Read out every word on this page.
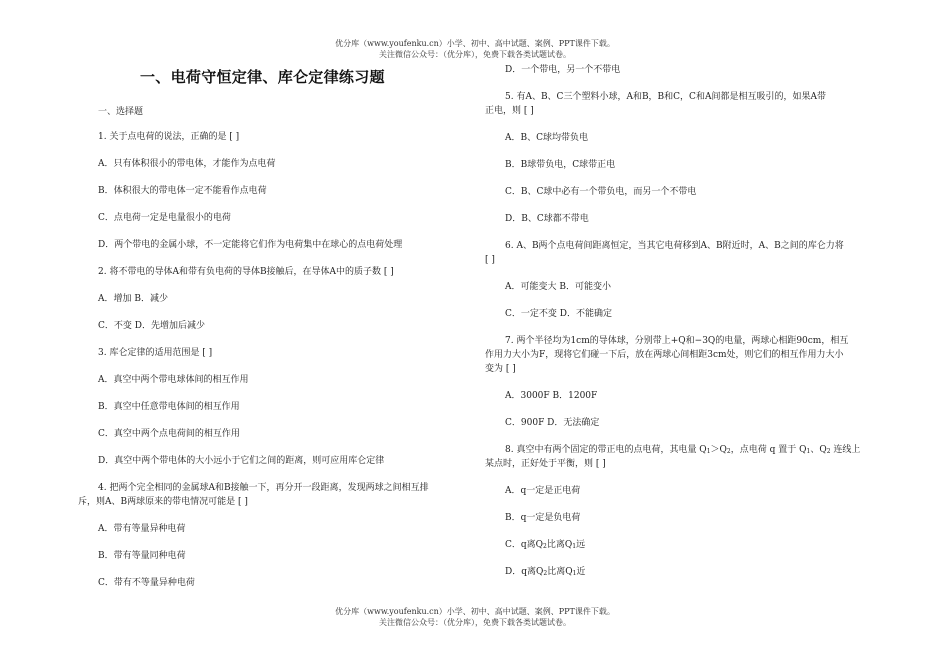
优分库（www.youfenku.cn）小学、初中、高中试题、案例、PPT课件下载。
关注微信公众号：（优分库），免费下载各类试题试卷。
一、电荷守恒定律、库仑定律练习题

一、选择题

1. 关于点电荷的说法，正确的是 [ ]

A．只有体积很小的带电体，才能作为点电荷

B．体积很大的带电体一定不能看作点电荷

C．点电荷一定是电量很小的电荷

D．两个带电的金属小球，不一定能将它们作为电荷集中在球心的点电荷处理

2. 将不带电的导体A和带有负电荷的导体B接触后，在导体A中的质子数 [ ]

A．增加 B．减少

C．不变 D．先增加后减少

3. 库仑定律的适用范围是 [ ]

A．真空中两个带电球体间的相互作用

B．真空中任意带电体间的相互作用

C．真空中两个点电荷间的相互作用

D．真空中两个带电体的大小远小于它们之间的距离，则可应用库仑定律

4. 把两个完全相同的金属球A和B接触一下，再分开一段距离，发现两球之间相互排

斥，则A、B两球原来的带电情况可能是 [ ]

A．带有等量异种电荷

B．带有等量同种电荷

C．带有不等量异种电荷

D．一个带电，另一个不带电

5. 有A、B、C三个塑料小球，A和B，B和C，C和A间都是相互吸引的，如果A带

正电，则 [ ]

A．B、C球均带负电

B．B球带负电，C球带正电

C．B、C球中必有一个带负电，而另一个不带电

D．B、C球都不带电

6. A、B两个点电荷间距离恒定，当其它电荷移到A、B附近时，A、B之间的库仑力将

[ ]

A．可能变大 B．可能变小

C．一定不变 D．不能确定

7. 两个半径均为1cm的导体球，分别带上+Q和−3Q的电量，两球心相距90cm，相互

作用力大小为F，现将它们碰一下后，放在两球心间相距3cm处，则它们的相互作用力大小

变为 [ ]

A．3000F B．1200F

C．900F D．无法确定

8. 真空中有两个固定的带正电的点电荷，其电量 $Q_1>Q_2$，点电荷 q 置于 $Q_1$、$Q_2$ 连线上

某点时，正好处于平衡，则 [ ]

A．q一定是正电荷

B．q一定是负电荷

C．q离$Q_2$比离$Q_1$远

D．q离$Q_2$比离$Q_1$近

优分库（www.youfenku.cn）小学、初中、高中试题、案例、PPT课件下载。
关注微信公众号：（优分库），免费下载各类试题试卷。
